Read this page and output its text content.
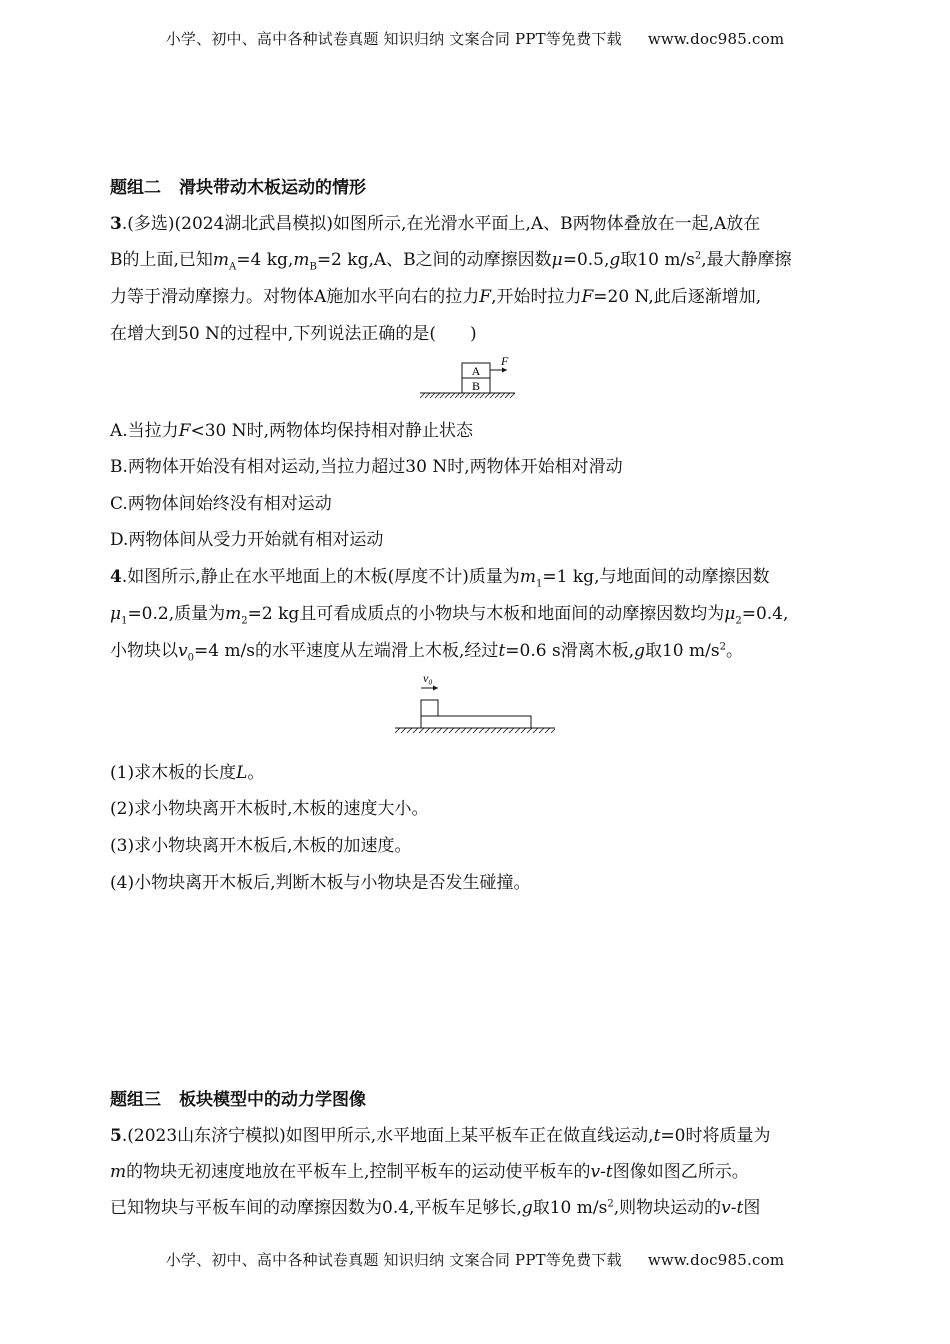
小学、初中、高中各种试卷真题 知识归纳 文案合同 PPT等免费下载 www.doc985.com
题组二 滑块带动木板运动的情形
3.(多选)(2024湖北武昌模拟)如图所示,在光滑水平面上,A、B两物体叠放在一起,A放在
B的上面,已知$m_A=4$ $kg,m_B=2$ kg,A、B之间的动摩擦因数μ=0.5,g取10 $m/s^2$,最大静摩擦
力等于滑动摩擦力。对物体A施加水平向右的拉力F,开始时拉力F=20 N,此后逐渐增加,
在增大到50 N的过程中,下列说法正确的是(　　)
A
B
F
A.当拉力F<30 N时,两物体均保持相对静止状态
B.两物体开始没有相对运动,当拉力超过30 N时,两物体开始相对滑动
C.两物体间始终没有相对运动
D.两物体间从受力开始就有相对运动
4.如图所示,静止在水平地面上的木板(厚度不计)质量为$m_1=1$ kg,与地面间的动摩擦因数
$\mu_1=0.2$,质量为$m_2=2$ kg且可看成质点的小物块与木板和地面间的动摩擦因数均为$\mu_2=0.4$,
小物块以$v_0=4$ m/s的水平速度从左端滑上木板,经过t=0.6 s滑离木板,g取10 $m/s^2$。
v₀
(1)求木板的长度L。
(2)求小物块离开木板时,木板的速度大小。
(3)求小物块离开木板后,木板的加速度。
(4)小物块离开木板后,判断木板与小物块是否发生碰撞。
题组三 板块模型中的动力学图像
5.(2023山东济宁模拟)如图甲所示,水平地面上某平板车正在做直线运动,t=0时将质量为
m的物块无初速度地放在平板车上,控制平板车的运动使平板车的v-t图像如图乙所示。
已知物块与平板车间的动摩擦因数为0.4,平板车足够长,g取10 $m/s^2$,则物块运动的v-t图
小学、初中、高中各种试卷真题 知识归纳 文案合同 PPT等免费下载 www.doc985.com
